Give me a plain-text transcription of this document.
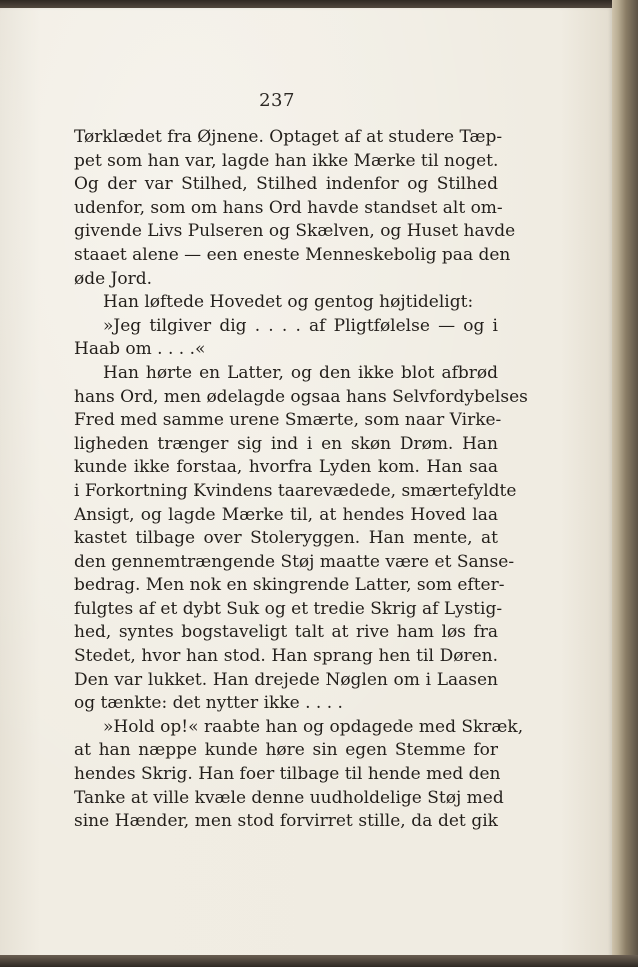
237
Tørklædet fra Øjnene. Optaget af at studere Tæp-
pet som han var, lagde han ikke Mærke til noget.
Og der var Stilhed, Stilhed indenfor og Stilhed
udenfor, som om hans Ord havde standset alt om-
givende Livs Pulseren og Skælven, og Huset havde
staaet alene — een eneste Menneskebolig paa den
øde Jord.
Han løftede Hovedet og gentog højtideligt:
»Jeg tilgiver dig . . . . af Pligtfølelse — og i
Haab om . . . .«
Han hørte en Latter, og den ikke blot afbrød
hans Ord, men ødelagde ogsaa hans Selvfordybelses
Fred med samme urene Smærte, som naar Virke-
ligheden trænger sig ind i en skøn Drøm. Han
kunde ikke forstaa, hvorfra Lyden kom. Han saa
i Forkortning Kvindens taarevædede, smærtefyldte
Ansigt, og lagde Mærke til, at hendes Hoved laa
kastet tilbage over Stoleryggen. Han mente, at
den gennemtrængende Støj maatte være et Sanse-
bedrag. Men nok en skingrende Latter, som efter-
fulgtes af et dybt Suk og et tredie Skrig af Lystig-
hed, syntes bogstaveligt talt at rive ham løs fra
Stedet, hvor han stod. Han sprang hen til Døren.
Den var lukket. Han drejede Nøglen om i Laasen
og tænkte: det nytter ikke . . . .
»Hold op!« raabte han og opdagede med Skræk,
at han næppe kunde høre sin egen Stemme for
hendes Skrig. Han foer tilbage til hende med den
Tanke at ville kvæle denne uudholdelige Støj med
sine Hænder, men stod forvirret stille, da det gik
